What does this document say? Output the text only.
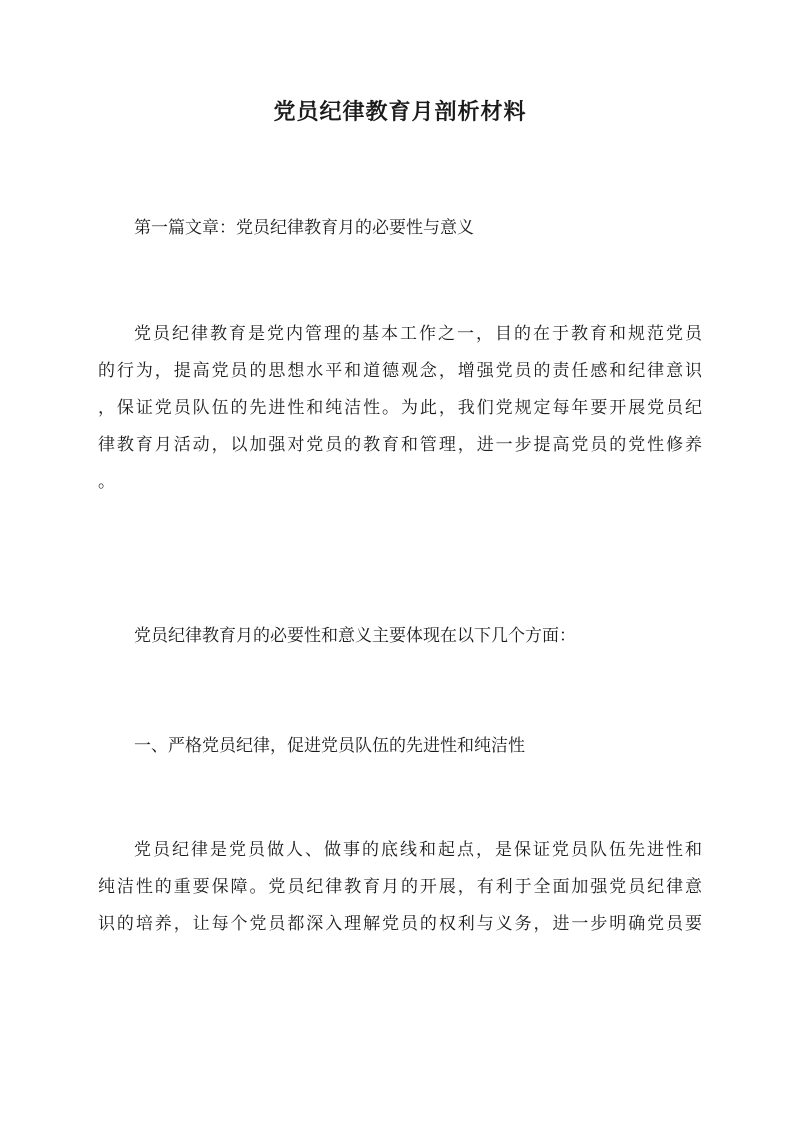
党员纪律教育月剖析材料
第一篇文章：党员纪律教育月的必要性与意义
党员纪律教育是党内管理的基本工作之一，目的在于教育和规范党员
的行为，提高党员的思想水平和道德观念，增强党员的责任感和纪律意识
，保证党员队伍的先进性和纯洁性。为此，我们党规定每年要开展党员纪
律教育月活动，以加强对党员的教育和管理，进一步提高党员的党性修养
。
党员纪律教育月的必要性和意义主要体现在以下几个方面：
一、严格党员纪律，促进党员队伍的先进性和纯洁性
党员纪律是党员做人、做事的底线和起点，是保证党员队伍先进性和
纯洁性的重要保障。党员纪律教育月的开展，有利于全面加强党员纪律意
识的培养，让每个党员都深入理解党员的权利与义务，进一步明确党员要
